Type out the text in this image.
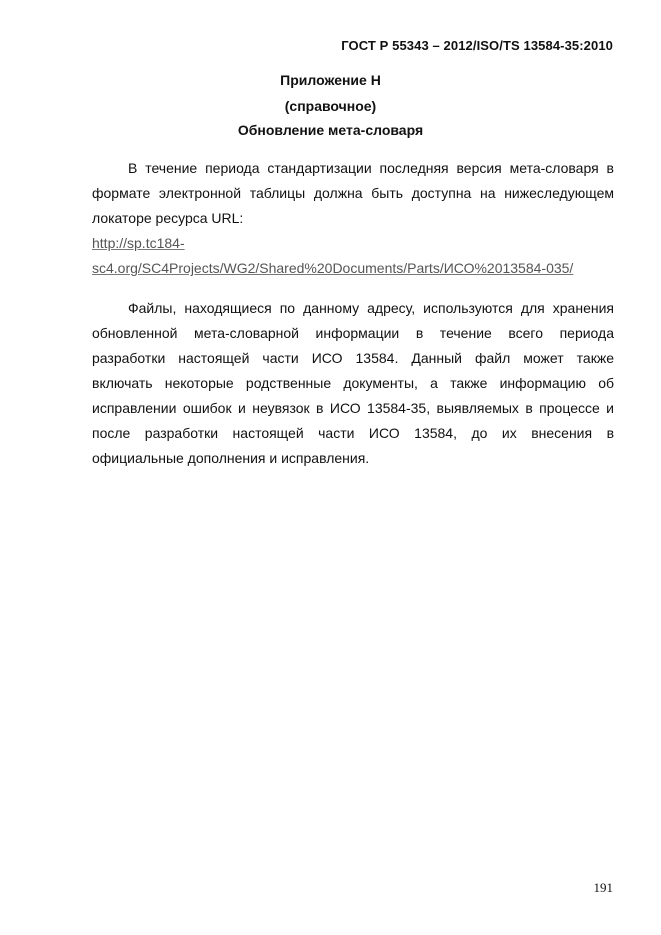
ГОСТ Р 55343 – 2012/ISO/TS 13584-35:2010
Приложение Н
(справочное)
Обновление мета-словаря
В течение периода стандартизации последняя версия мета-словаря в
формате электронной таблицы должна быть доступна на нижеследующем
локаторе ресурса URL:
http://sp.tc184-
sc4.org/SC4Projects/WG2/Shared%20Documents/Parts/ИСО%2013584-035/
Файлы, находящиеся по данному адресу, используются для хранения
обновленной мета-словарной информации в течение всего периода
разработки настоящей части ИСО 13584. Данный файл может также
включать некоторые родственные документы, а также информацию об
исправлении ошибок и неувязок в ИСО 13584-35, выявляемых в процессе и
после разработки настоящей части ИСО 13584, до их внесения в
официальные дополнения и исправления.
191
